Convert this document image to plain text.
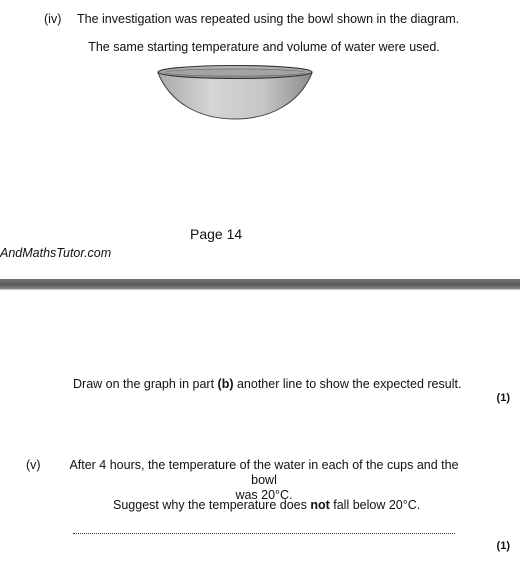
(iv) The investigation was repeated using the bowl shown in the diagram.
The same starting temperature and volume of water were used.
Page 14
AndMathsTutor.com
Draw on the graph in part (b) another line to show the expected result.
(1)
(v)	After 4 hours, the temperature of the water in each of the cups and the bowl
was 20°C.
Suggest why the temperature does not fall below 20°C.
(1)
